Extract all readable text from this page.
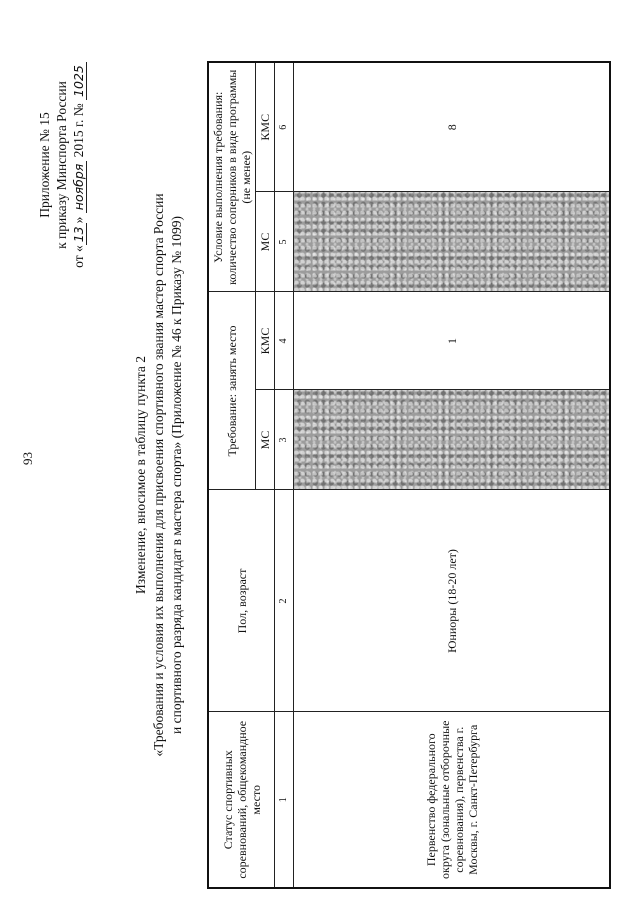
93
Приложение № 15 к приказу Минспорта России
от «13» ноября 2015 г. № 1025
Изменение, вносимое в таблицу пункта 2 «Требования и условия их выполнения для присвоения спортивного звания мастер спорта России и спортивного разряда кандидат в мастера спорта» (Приложение № 46 к Приказу № 1099)
Статус спортивных соревнований, общекомандное место	Пол, возраст	Требование: занять место		Условие выполнения требования: количество соперников в виде программы (не менее)	
		МС	КМС	МС	КМС
1	2	3	4	5	6
Первенство федерального округа (зональные отборочные соревнования), первенства г. Москвы, г. Санкт-Петербурга	Юниоры (18-20 лет)		1		8
